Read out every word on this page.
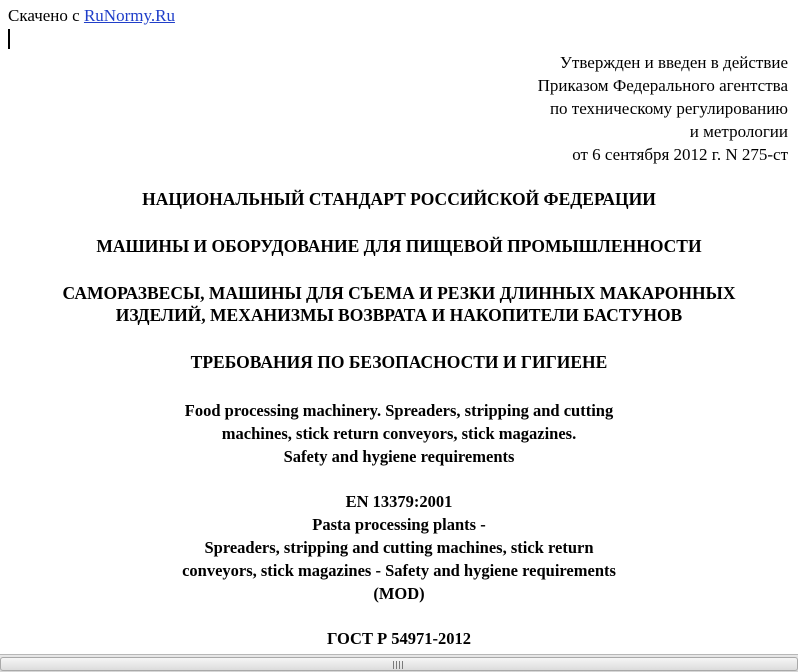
Скачено с RuNormy.Ru
Утвержден и введен в действие
Приказом Федерального агентства
по техническому регулированию
и метрологии
от 6 сентября 2012 г. N 275-ст
НАЦИОНАЛЬНЫЙ СТАНДАРТ РОССИЙСКОЙ ФЕДЕРАЦИИ
МАШИНЫ И ОБОРУДОВАНИЕ ДЛЯ ПИЩЕВОЙ ПРОМЫШЛЕННОСТИ
САМОРАЗВЕСЫ, МАШИНЫ ДЛЯ СЪЕМА И РЕЗКИ ДЛИННЫХ МАКАРОННЫХ
ИЗДЕЛИЙ, МЕХАНИЗМЫ ВОЗВРАТА И НАКОПИТЕЛИ БАСТУНОВ
ТРЕБОВАНИЯ ПО БЕЗОПАСНОСТИ И ГИГИЕНЕ
Food processing machinery. Spreaders, stripping and cutting
machines, stick return conveyors, stick magazines.
Safety and hygiene requirements
EN 13379:2001
Pasta processing plants -
Spreaders, stripping and cutting machines, stick return
conveyors, stick magazines - Safety and hygiene requirements
(MOD)
ГОСТ Р 54971-2012
